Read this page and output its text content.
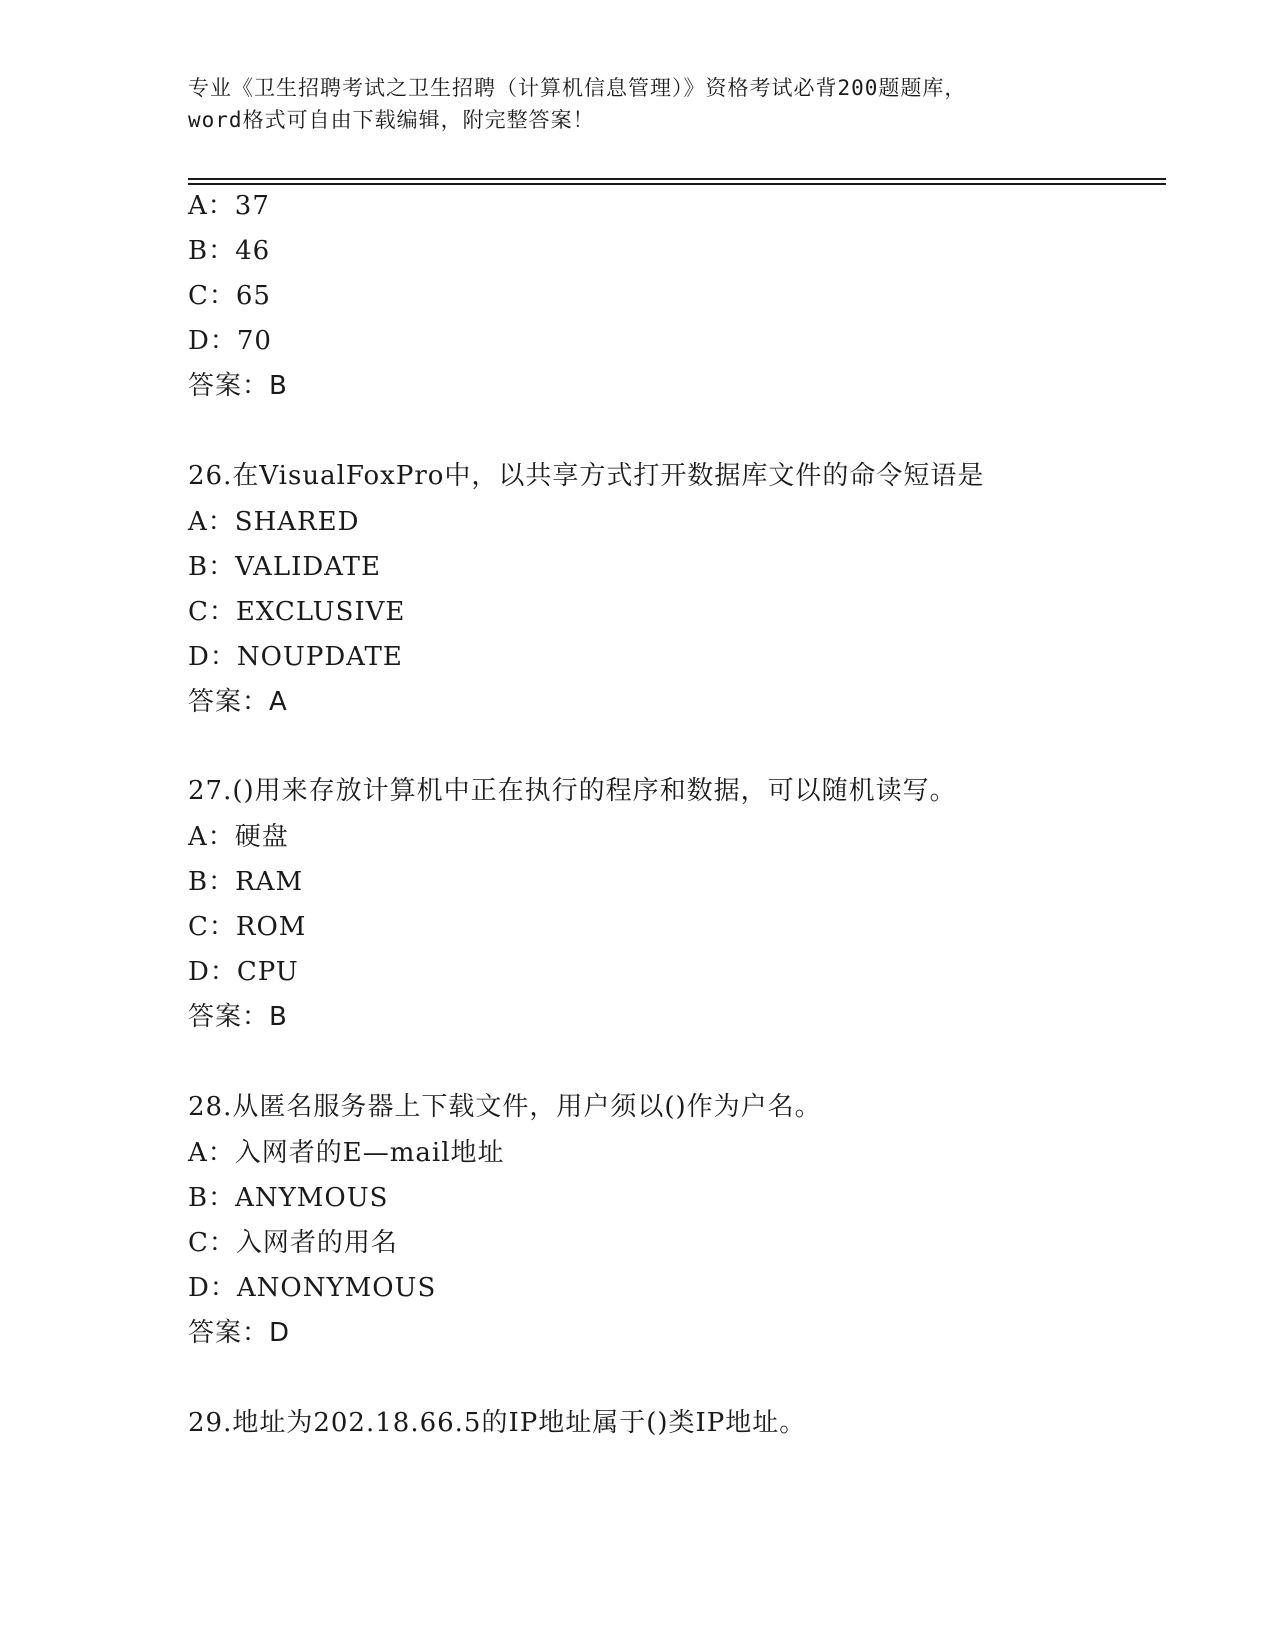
专业《卫生招聘考试之卫生招聘（计算机信息管理）》资格考试必背200题题库，
word格式可自由下载编辑，附完整答案！
A：37
B：46
C：65
D：70
答案：B
26.在VisualFoxPro中，以共享方式打开数据库文件的命令短语是
A：SHARED
B：VALIDATE
C：EXCLUSIVE
D：NOUPDATE
答案：A
27.()用来存放计算机中正在执行的程序和数据，可以随机读写。
A：硬盘
B：RAM
C：ROM
D：CPU
答案：B
28.从匿名服务器上下载文件，用户须以()作为户名。
A：入网者的E—mail地址
B：ANYMOUS
C：入网者的用名
D：ANONYMOUS
答案：D
29.地址为202.18.66.5的IP地址属于()类IP地址。
